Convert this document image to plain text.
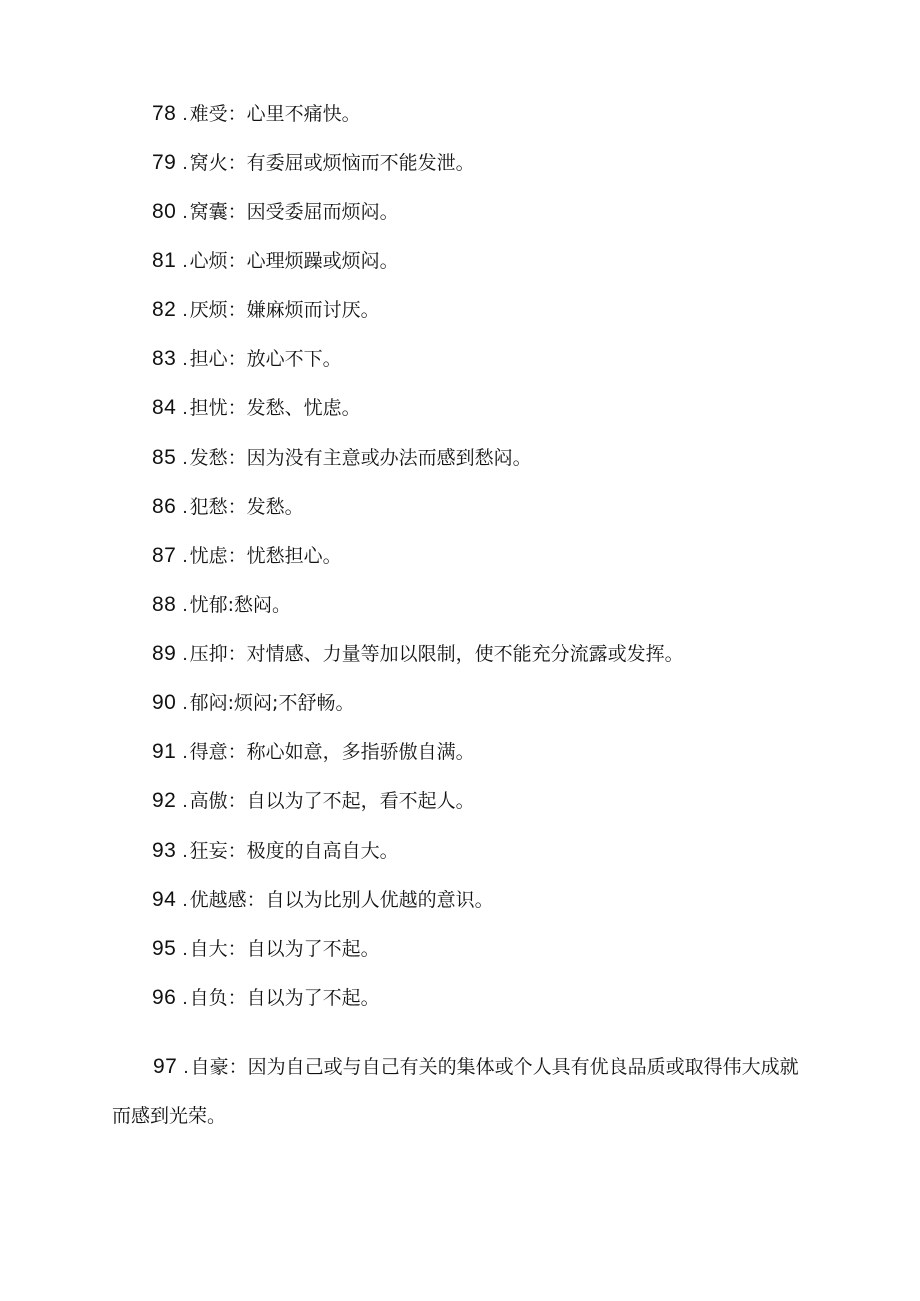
78 . 难受：心里不痛快。
79 . 窝火：有委屈或烦恼而不能发泄。
80 . 窝囊：因受委屈而烦闷。
81 . 心烦：心理烦躁或烦闷。
82 . 厌烦：嫌麻烦而讨厌。
83 . 担心：放心不下。
84 . 担忧：发愁、忧虑。
85 . 发愁：因为没有主意或办法而感到愁闷。
86 . 犯愁：发愁。
87 . 忧虑：忧愁担心。
88 . 忧郁:愁闷。
89 . 压抑：对情感、力量等加以限制，使不能充分流露或发挥。
90 . 郁闷:烦闷;不舒畅。
91 . 得意：称心如意，多指骄傲自满。
92 . 高傲：自以为了不起，看不起人。
93 . 狂妄：极度的自高自大。
94 . 优越感：自以为比别人优越的意识。
95 . 自大：自以为了不起。
96 . 自负：自以为了不起。
97 . 自豪：因为自己或与自己有关的集体或个人具有优良品质或取得伟大成就而感到光荣。
